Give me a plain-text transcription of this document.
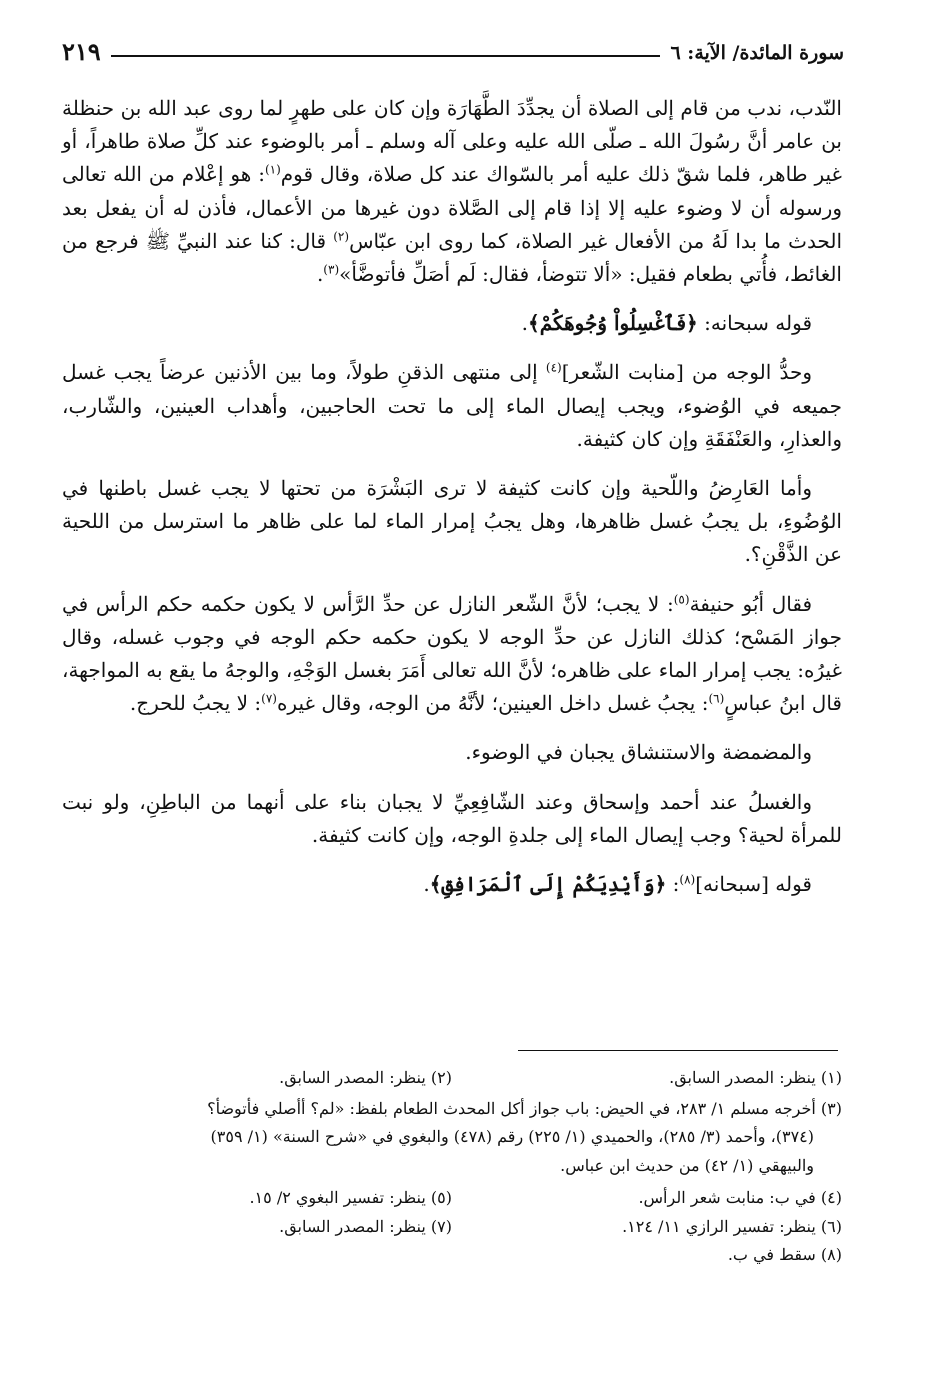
سورة المائدة/ الآية: ٦
٢١٩

النّدب، ندب من قام إلى الصلاة أن يجدِّدَ الطَّهَارَة وإن كان على طهرٍ لما روى عبد الله بن حنظلة بن عامر أنَّ رسُولَ الله ـ صلّى الله عليه وعلى آله وسلم ـ أمر بالوضوء عند كلِّ صلاة طاهراً، أو غير طاهر، فلما شقّ ذلك عليه أمر بالسّواك عند كل صلاة، وقال قوم$^{(١)}$: هو إعْلام من الله تعالى ورسوله أن لا وضوء عليه إلا إذا قام إلى الصَّلاة دون غيرها من الأعمال، فأذن له أن يفعل بعد الحدث ما بدا لَهُ من الأفعال غير الصلاة، كما روى ابن عبّاس$^{(٢)}$ قال: كنا عند النبيِّ ﷺ فرجع من الغائط، فأُتي بطعام فقيل: «ألا تتوضأ، فقال: لَم أصَلِّ فأتوضَّأ»$^{(٣)}$.

قوله سبحانه: ﴿فَٱغْسِلُواْ وُجُوهَكُمْ﴾.

وحدُّ الوجه من [منابت الشّعر]$^{(٤)}$ إلى منتهى الذقنِ طولاً، وما بين الأذنين عرضاً يجب غسل جميعه في الوُضوء، ويجب إيصال الماء إلى ما تحت الحاجبين، وأهداب العينين، والشّارب، والعذارِ، والعَنْفَقَةِ وإن كان كثيفة.

وأما العَارِضُ واللّحية وإن كانت كثيفة لا ترى البَشْرَة من تحتها لا يجب غسل باطنها في الوُضُوءِ، بل يجبُ غسل ظاهرها، وهل يجبُ إمرار الماء لما على ظاهر ما استرسل من اللحية عن الذَّقْنِ؟.

فقال أبُو حنيفة$^{(٥)}$: لا يجب؛ لأنَّ الشّعر النازل عن حدِّ الرَّأس لا يكون حكمه حكم الرأس في جواز المَسْح؛ كذلك النازل عن حدِّ الوجه لا يكون حكمه حكم الوجه في وجوب غسله، وقال غيرُه: يجب إمرار الماء على ظاهره؛ لأنَّ الله تعالى أَمَرَ بغسل الوَجْهِ، والوجهُ ما يقع به المواجهة، قال ابنُ عباسٍ$^{(٦)}$: يجبُ غسل داخل العينين؛ لأنَّهُ من الوجه، وقال غيره$^{(٧)}$: لا يجبُ للحرج.

والمضمضة والاستنشاق يجبان في الوضوء.

والغسلُ عند أحمد وإسحاق وعند الشّافِعِيِّ لا يجبان بناء على أنهما من الباطِنِ، ولو نبت للمرأة لحية؟ وجب إيصال الماء إلى جلدةِ الوجه، وإن كانت كثيفة.

قوله [سبحانه]$^{(٨)}$: ﴿وَأَيْدِيَكُمْ إِلَى ٱلْمَرَافِقِ﴾.

(١) ينظر: المصدر السابق.
(٢) ينظر: المصدر السابق.
(٣) أخرجه مسلم ١/ ٢٨٣، في الحيض: باب جواز أكل المحدث الطعام بلفظ: «لم؟ أأصلي فأتوضأ؟
(٣٧٤)، وأحمد (٣/ ٢٨٥)، والحميدي (١/ ٢٢٥) رقم (٤٧٨) والبغوي في «شرح السنة» (١/ ٣٥٩)
والبيهقي (١/ ٤٢) من حديث ابن عباس.
(٤) في ب: منابت شعر الرأس.
(٥) ينظر: تفسير البغوي ٢/ ١٥.
(٦) ينظر: تفسير الرازي ١١/ ١٢٤.
(٧) ينظر: المصدر السابق.
(٨) سقط في ب.
